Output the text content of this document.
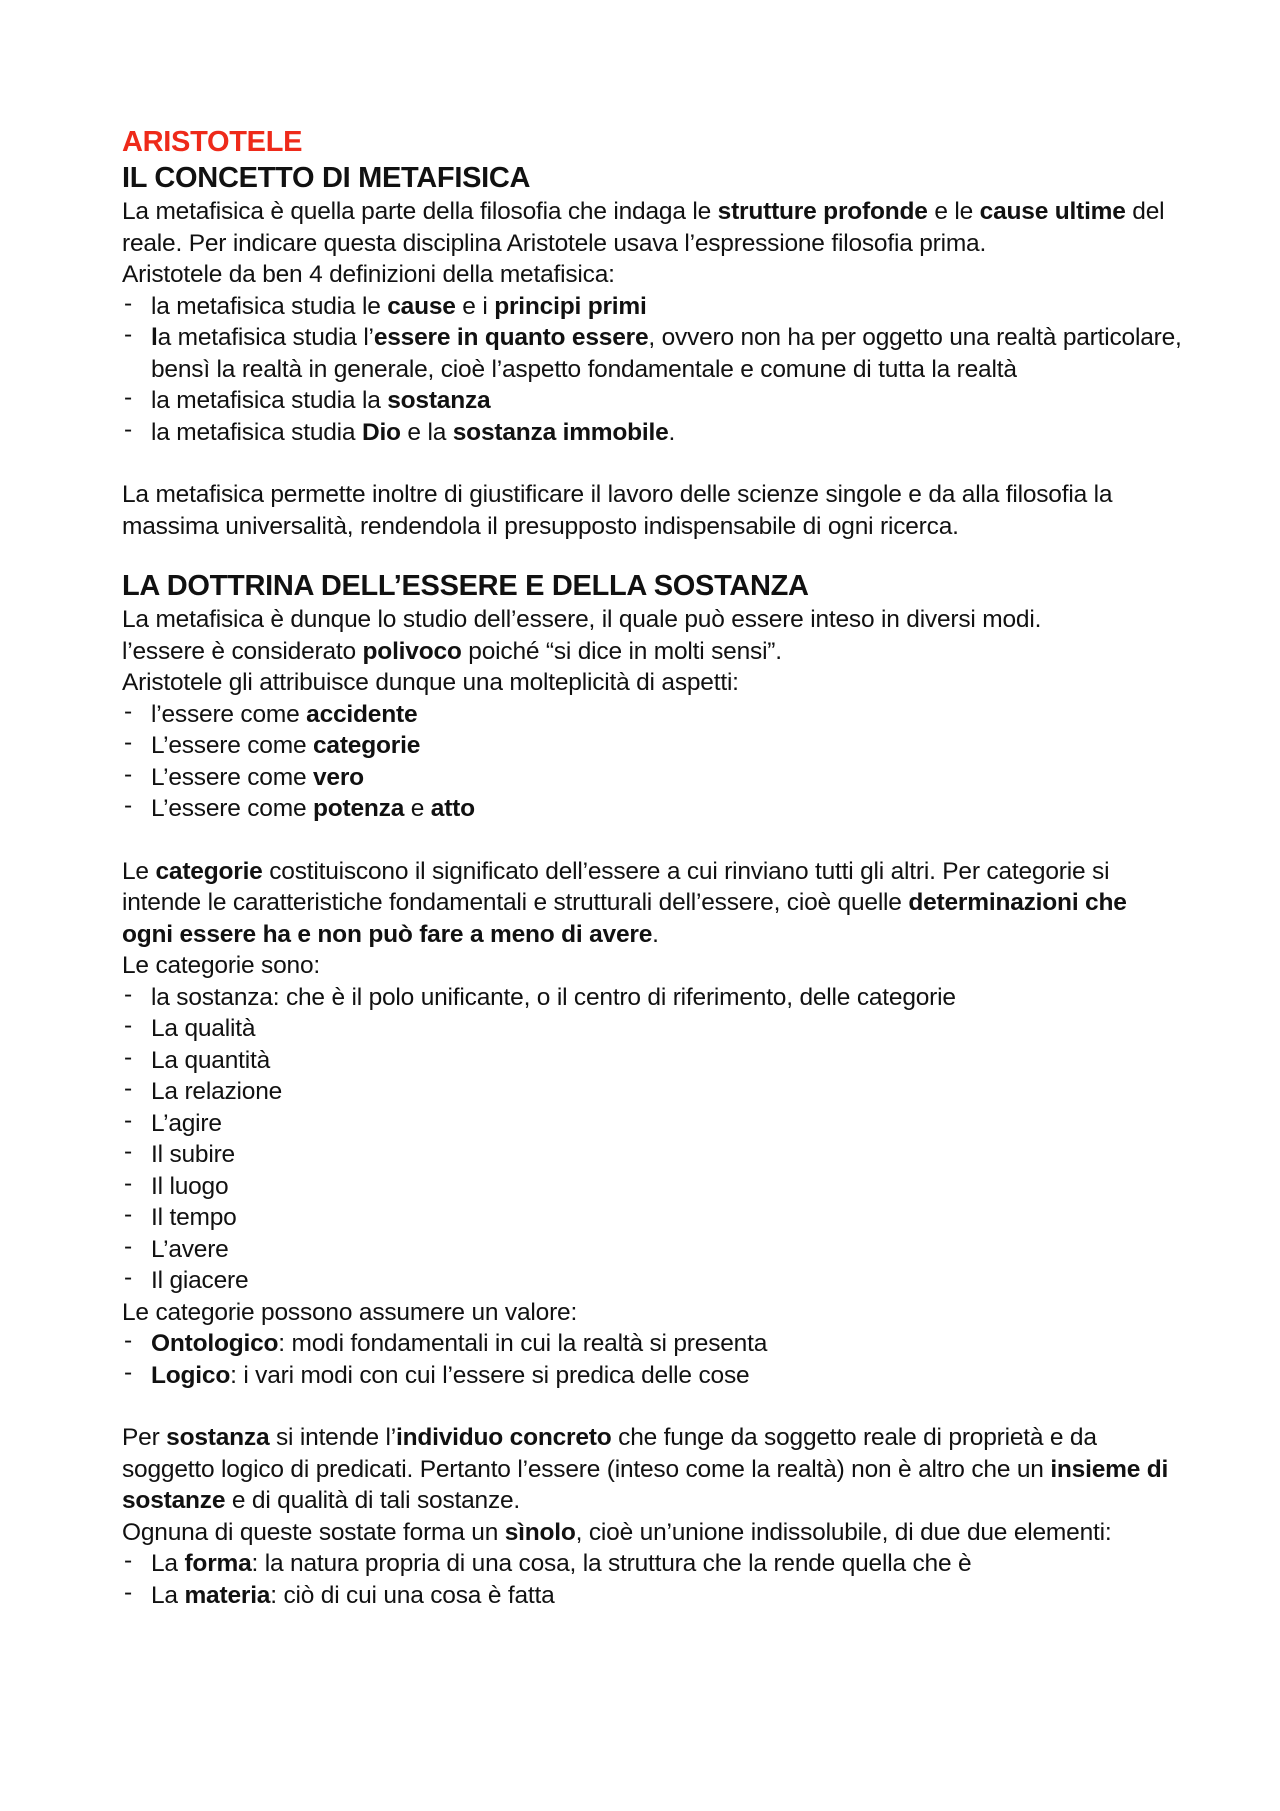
ARISTOTELE
IL CONCETTO DI METAFISICA

La metafisica è quella parte della filosofia che indaga le strutture profonde e le cause ultime del reale. Per indicare questa disciplina Aristotele usava l’espressione filosofia prima.

Aristotele da ben 4 definizioni della metafisica:

- la metafisica studia le cause e i principi primi
- la metafisica studia l’essere in quanto essere, ovvero non ha per oggetto una realtà particolare, bensì la realtà in generale, cioè l’aspetto fondamentale e comune di tutta la realtà
- la metafisica studia la sostanza
- la metafisica studia Dio e la sostanza immobile.

La metafisica permette inoltre di giustificare il lavoro delle scienze singole e da alla filosofia la massima universalità, rendendola il presupposto indispensabile di ogni ricerca.

LA DOTTRINA DELL’ESSERE E DELLA SOSTANZA

La metafisica è dunque lo studio dell’essere, il quale può essere inteso in diversi modi.

l’essere è considerato polivoco poiché “si dice in molti sensi”.

Aristotele gli attribuisce dunque una molteplicità di aspetti:

- l’essere come accidente
- L’essere come categorie
- L’essere come vero
- L’essere come potenza e atto

Le categorie costituiscono il significato dell’essere a cui rinviano tutti gli altri. Per categorie si intende le caratteristiche fondamentali e strutturali dell’essere, cioè quelle determinazioni che ogni essere ha e non può fare a meno di avere.

Le categorie sono:

- la sostanza: che è il polo unificante, o il centro di riferimento, delle categorie
- La qualità
- La quantità
- La relazione
- L’agire
- Il subire
- Il luogo
- Il tempo
- L’avere
- Il giacere

Le categorie possono assumere un valore:

- Ontologico: modi fondamentali in cui la realtà si presenta
- Logico: i vari modi con cui l’essere si predica delle cose

Per sostanza si intende l’individuo concreto che funge da soggetto reale di proprietà e da soggetto logico di predicati. Pertanto l’essere (inteso come la realtà) non è altro che un insieme di sostanze e di qualità di tali sostanze.

Ognuna di queste sostate forma un sìnolo, cioè un’unione indissolubile, di due due elementi:

- La forma: la natura propria di una cosa, la struttura che la rende quella che è
- La materia: ciò di cui una cosa è fatta
